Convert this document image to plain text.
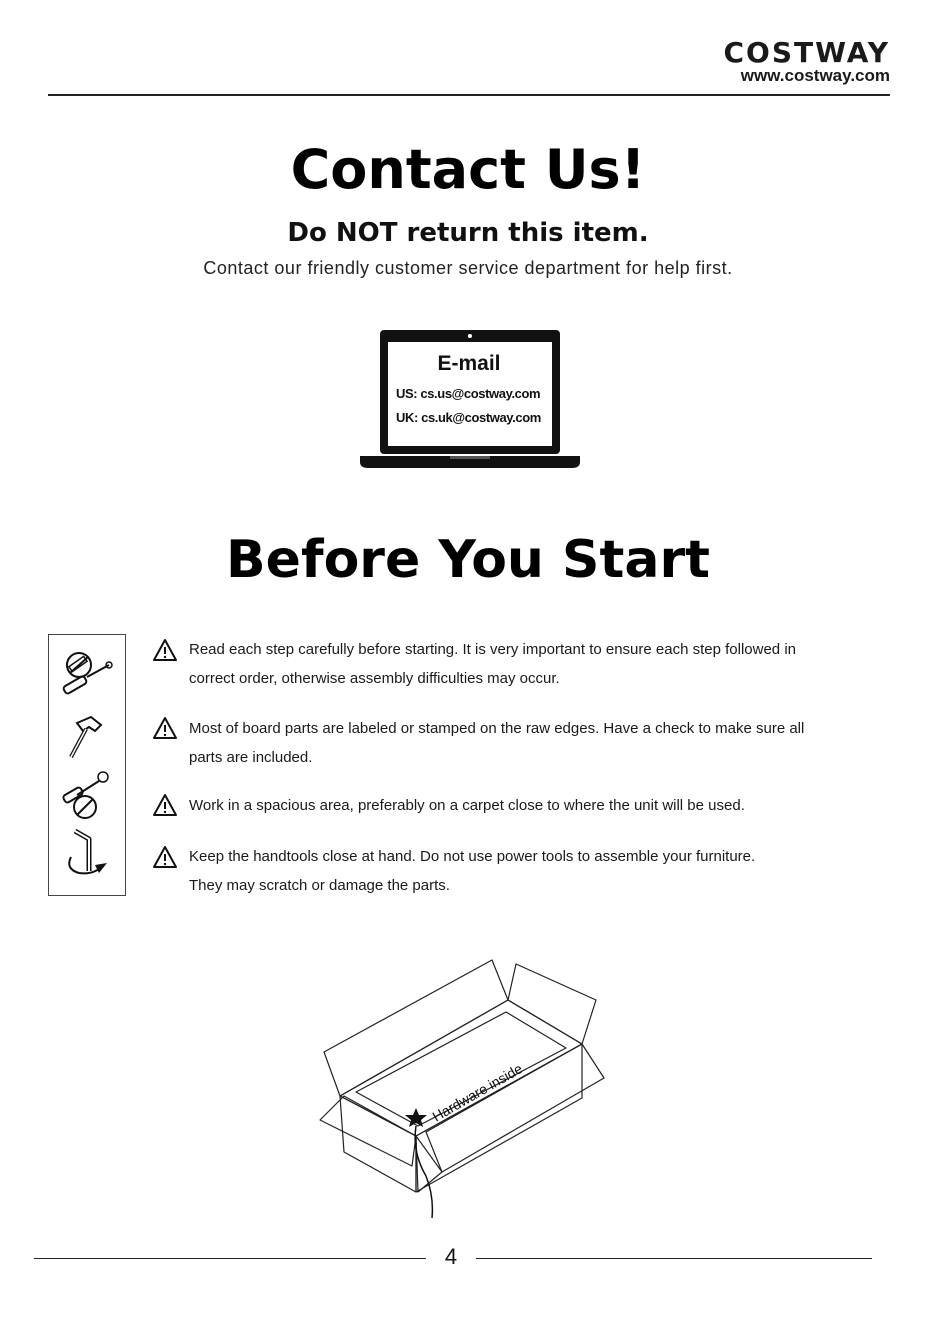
COSTWAY
www.costway.com
Contact Us!
Do NOT return this item.
Contact our friendly customer service department for help first.
E-mail
US: cs.us@costway.com
UK: cs.uk@costway.com
Before You Start
Read each step carefully before starting. It is very important to ensure each step followed in
correct order, otherwise assembly difficulties may occur.
Most of board parts are labeled or stamped on the raw edges. Have a check to make sure all
parts are included.
Work in a spacious area, preferably on a carpet close to where the unit will be used.
Keep the handtools close at hand. Do not use power tools to assemble your furniture.
They may scratch or damage the parts.
Hardware inside
4
